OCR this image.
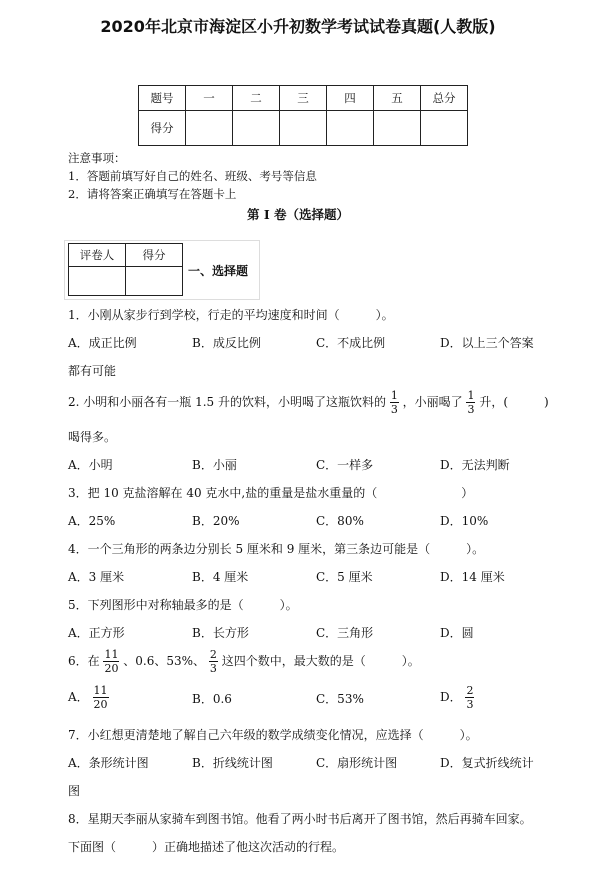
2020年北京市海淀区小升初数学考试试卷真题(人教版)
题号	一	二	三	四	五	总分
得分						
注意事项：
1．答题前填写好自己的姓名、班级、考号等信息
2．请将答案正确填写在答题卡上
第 I 卷（选择题）
评卷人	得分

一、选择题
1．小刚从家步行到学校，行走的平均速度和时间（　　　）。
A．成正比例	B．成反比例	C．不成比例	D．以上三个答案
都有可能
2. 小明和小丽各有一瓶 1.5 升的饮料，小明喝了这瓶饮料的 $\frac{1}{3}$ ，小丽喝了 $\frac{1}{3}$ 升，(　　　)
喝得多。
A．小明	B．小丽	C．一样多	D．无法判断
3．把 10 克盐溶解在 40 克水中,盐的重量是盐水重量的（　　　　　　　）
A．25%	B．20%	C．80%	D．10%
4．一个三角形的两条边分别长 5 厘米和 9 厘米，第三条边可能是（　　　）。
A．3 厘米	B．4 厘米	C．5 厘米	D．14 厘米
5．下列图形中对称轴最多的是（　　　）。
A．正方形	B．长方形	C．三角形	D．圆
6．在 $\frac{11}{20}$ 、0.6、53%、 $\frac{2}{3}$ 这四个数中，最大数的是（　　　）。
A． $\frac{11}{20}$	B．0.6	C．53%	D． $\frac{2}{3}$
7．小红想更清楚地了解自己六年级的数学成绩变化情况，应选择（　　　）。
A．条形统计图	B．折线统计图	C．扇形统计图	D．复式折线统计
图
8．星期天李丽从家骑车到图书馆。他看了两小时书后离开了图书馆，然后再骑车回家。
下面图（　　　）正确地描述了他这次活动的行程。
